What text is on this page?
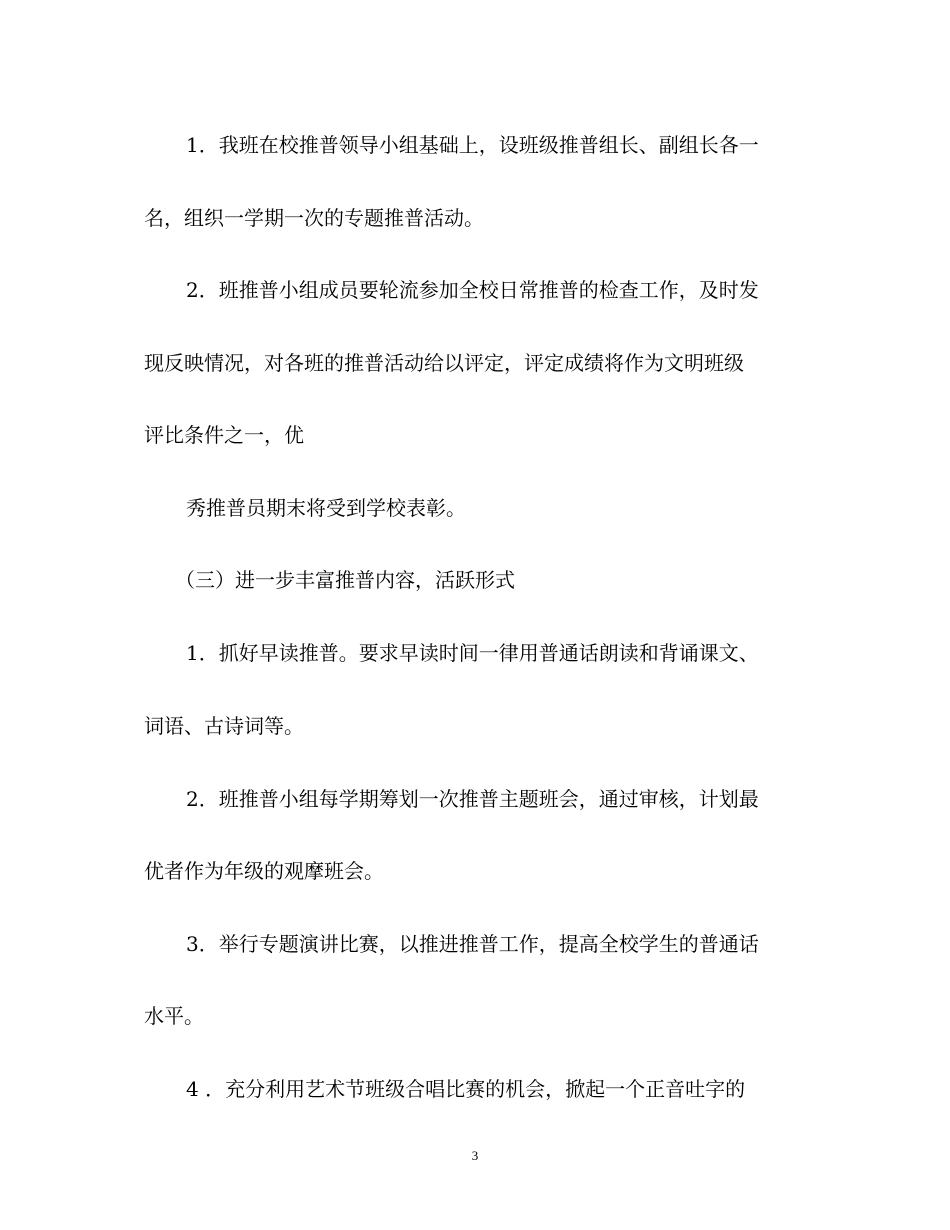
1．我班在校推普领导小组基础上，设班级推普组长、副组长各一
名，组织一学期一次的专题推普活动。
2．班推普小组成员要轮流参加全校日常推普的检查工作，及时发
现反映情况，对各班的推普活动给以评定，评定成绩将作为文明班级
评比条件之一，优
秀推普员期末将受到学校表彰。
（三）进一步丰富推普内容，活跃形式
1．抓好早读推普。要求早读时间一律用普通话朗读和背诵课文、
词语、古诗词等。
2．班推普小组每学期筹划一次推普主题班会，通过审核，计划最
优者作为年级的观摩班会。
3．举行专题演讲比赛，以推进推普工作，提高全校学生的普通话
水平。
4 ．充分利用艺术节班级合唱比赛的机会，掀起一个正音吐字的
3
